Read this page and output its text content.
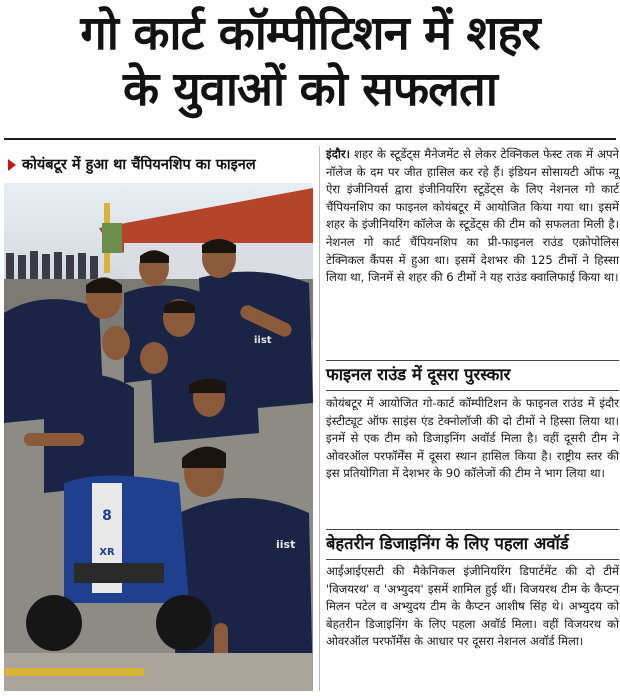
गो कार्ट कॉम्पीटिशन में शहर
के युवाओं को सफलता
कोयंबटूर में हुआ था चैंपियनशिप का फाइनल
8
XR
iist
iist

इंदौर। शहर के स्टूडेंट्स मैनेजमेंट से लेकर टेक्निकल फेस्ट तक में अपने नॉलेज के दम पर जीत हासिल कर रहे हैं। इंडियन सोसायटी ऑफ न्यू ऐरा इंजीनियर्स द्वारा इंजीनियरिंग स्टूडेंट्स के लिए नेशनल गो कार्ट चैंपियनशिप का फाइनल कोयंबटूर में आयोजित किया गया था। इसमें शहर के इंजीनियरिंग कॉलेज के स्टूडेंट्स की टीम को सफलता मिली है। नेशनल गो कार्ट चैंपियनशिप का प्री-फाइनल राउंड एक्रोपोलिस टेक्निकल कैंपस में हुआ था। इसमें देशभर की 125 टीमों ने हिस्सा लिया था, जिनमें से शहर की 6 टीमों ने यह राउंड क्वालिफाई किया था।

फाइनल राउंड में दूसरा पुरस्कार

कोयंबटूर में आयोजित गो-कार्ट कॉम्पीटिशन के फाइनल राउंड में इंदौर इंस्टीट्यूट ऑफ साइंस एंड टेक्नोलॉजी की दो टीमों ने हिस्सा लिया था। इनमें से एक टीम को डिजाइनिंग अवॉर्ड मिला है। वहीं दूसरी टीम ने ओवरऑल परफॉर्मेंस में दूसरा स्थान हासिल किया है। राष्ट्रीय स्तर की इस प्रतियोगिता में देशभर के 90 कॉलेजों की टीम ने भाग लिया था।

बेहतरीन डिजाइनिंग के लिए पहला अवॉर्ड

आईआईएसटी की मैकेनिकल इंजीनियरिंग डिपार्टमेंट की दो टीमें 'विजयरथ' व 'अभ्युदय' इसमें शामिल हुई थीं। विजयरथ टीम के कैप्टन मिलन पटेल व अभ्युदय टीम के कैप्टन आशीष सिंह थे। अभ्युदय को बेहतरीन डिजाइनिंग के लिए पहला अवॉर्ड मिला। वहीं विजयरथ को ओवरऑल परफॉर्मेंस के आधार पर दूसरा नेशनल अवॉर्ड मिला।
